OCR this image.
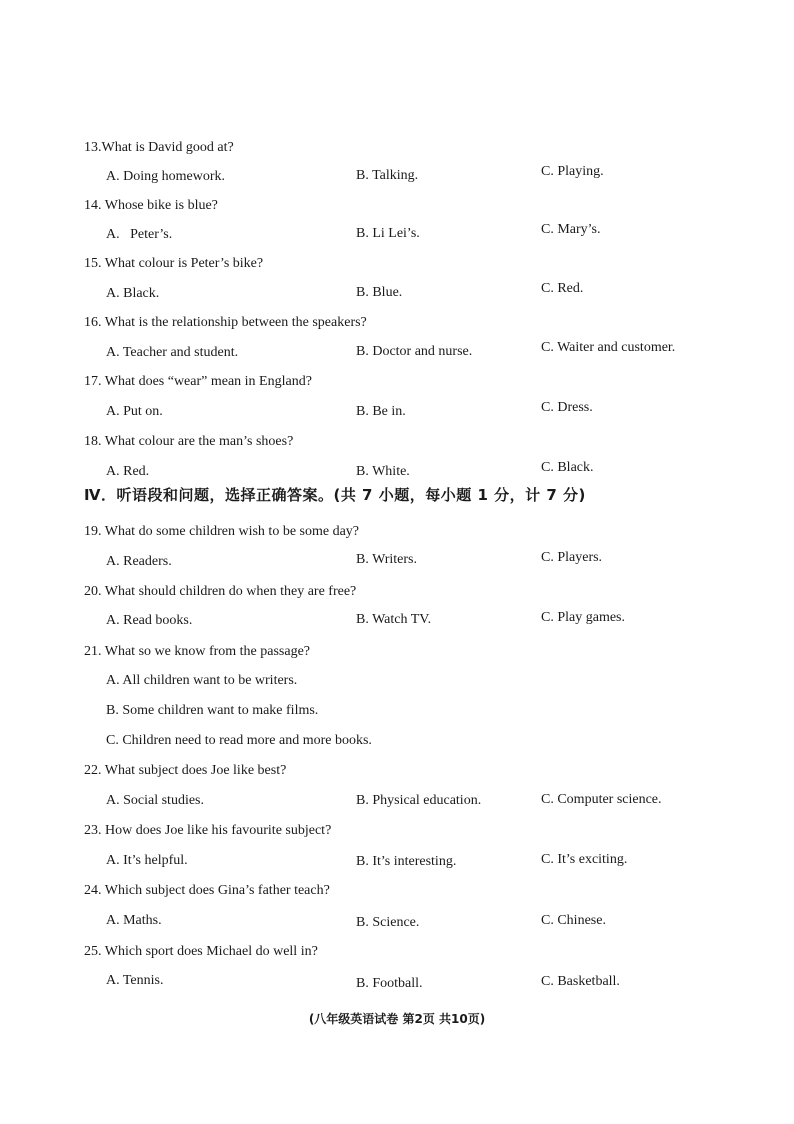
13.What is David good at?
A. Doing homework.	B. Talking.	C. Playing.
14. Whose bike is blue?
A.   Peter’s.	B. Li Lei’s.	C. Mary’s.
15. What colour is Peter’s bike?
A. Black.	B. Blue.	C. Red.
16. What is the relationship between the speakers?
A. Teacher and student.	B. Doctor and nurse.	C. Waiter and customer.
17. What does “wear” mean in England?
A. Put on.	B. Be in.	C. Dress.
18. What colour are the man’s shoes?
A. Red.	B. White.	C. Black.
Ⅳ．听语段和问题，选择正确答案。(共 7 小题，每小题 1 分，计 7 分)
19. What do some children wish to be some day?
A. Readers.	B. Writers.	C. Players.
20. What should children do when they are free?
A. Read books.	B. Watch TV.	C. Play games.
21. What so we know from the passage?
A. All children want to be writers.
B. Some children want to make films.
C. Children need to read more and more books.
22. What subject does Joe like best?
A. Social studies.	B. Physical education.	C. Computer science.
23. How does Joe like his favourite subject?
A. It’s helpful.	B. It’s interesting.	C. It’s exciting.
24. Which subject does Gina’s father teach?
A. Maths.	B. Science.	C. Chinese.
25. Which sport does Michael do well in?
A. Tennis.	B. Football.	C. Basketball.
(八年级英语试卷 第2页 共10页)
